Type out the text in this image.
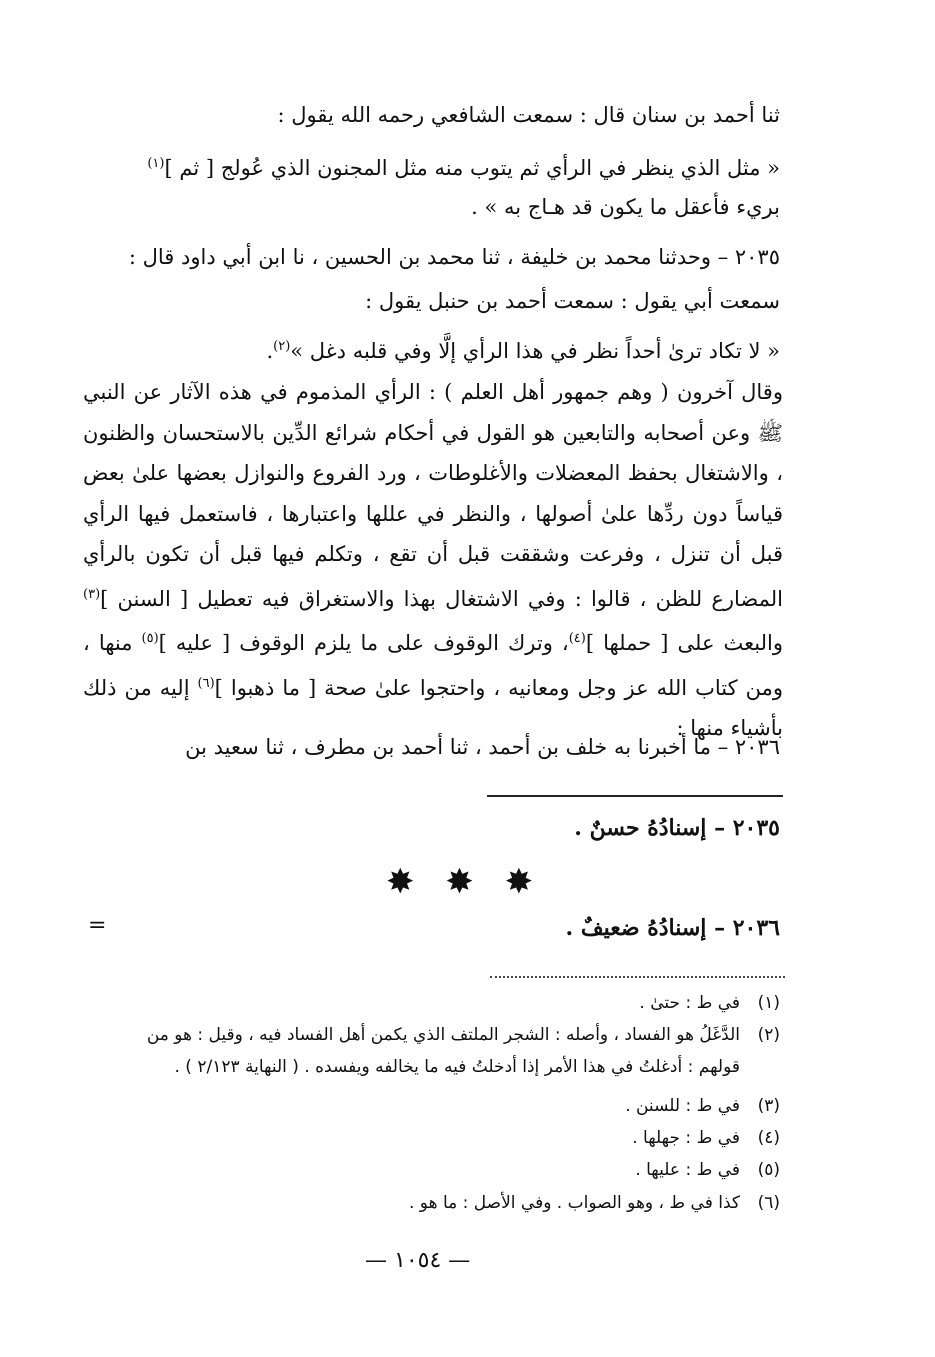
ثنا أحمد بن سنان قال : سمعت الشافعي رحمه الله يقول :
« مثل الذي ينظر في الرأي ثم يتوب منه مثل المجنون الذي عُولج [ ثم ]$^{(١)}$
بريء فأعقل ما يكون قد هـاج به » .
٢٠٣٥ – وحدثنا محمد بن خليفة ، ثنا محمد بن الحسين ، نا ابن أبي داود قال :
سمعت أبي يقول : سمعت أحمد بن حنبل يقول :
« لا تكاد ترىٰ أحداً نظر في هذا الرأي إلَّا وفي قلبه دغل »$^{(٢)}$.
وقال آخرون ( وهم جمهور أهل العلم ) : الرأي المذموم في هذه الآثار عن النبي ﷺ وعن أصحابه والتابعين هو القول في أحكام شرائع الدِّين بالاستحسان والظنون ، والاشتغال بحفظ المعضلات والأغلوطات ، ورد الفروع والنوازل بعضها علىٰ بعض قياساً دون ردِّها علىٰ أصولها ، والنظر في عللها واعتبارها ، فاستعمل فيها الرأي قبل أن تنزل ، وفرعت وشققت قبل أن تقع ، وتكلم فيها قبل أن تكون بالرأي المضارع للظن ، قالوا : وفي الاشتغال بهذا والاستغراق فيه تعطيل [ السنن ]$^{(٣)}$ والبعث على [ حملها ]$^{(٤)}$، وترك الوقوف على ما يلزم الوقوف [ عليه ]$^{(٥)}$ منها ، ومن كتاب الله عز وجل ومعانيه ، واحتجوا علىٰ صحة [ ما ذهبوا ]$^{(٦)}$ إليه من ذلك بأشياء منها :
٢٠٣٦ – ما أخبرنا به خلف بن أحمد ، ثنا أحمد بن مطرف ، ثنا سعيد بن
٢٠٣٥ – إسنادُهُ حسنٌ .
✸ ✸ ✸
٢٠٣٦ – إسنادُهُ ضعيفٌ .
=
(١)في ط : حتىٰ .
(٢)الدَّغَلُ هو الفساد ، وأصله : الشجر الملتف الذي يكمن أهل الفساد فيه ، وقيل : هو من
قولهم : أدغلتُ في هذا الأمر إذا أدخلتُ فيه ما يخالفه ويفسده . ( النهاية ٢/١٢٣ ) .
(٣)في ط : للسنن .
(٤)في ط : جهلها .
(٥)في ط : عليها .
(٦)كذا في ط ، وهو الصواب . وفي الأصل : ما هو .
— ١٠٥٤ —
